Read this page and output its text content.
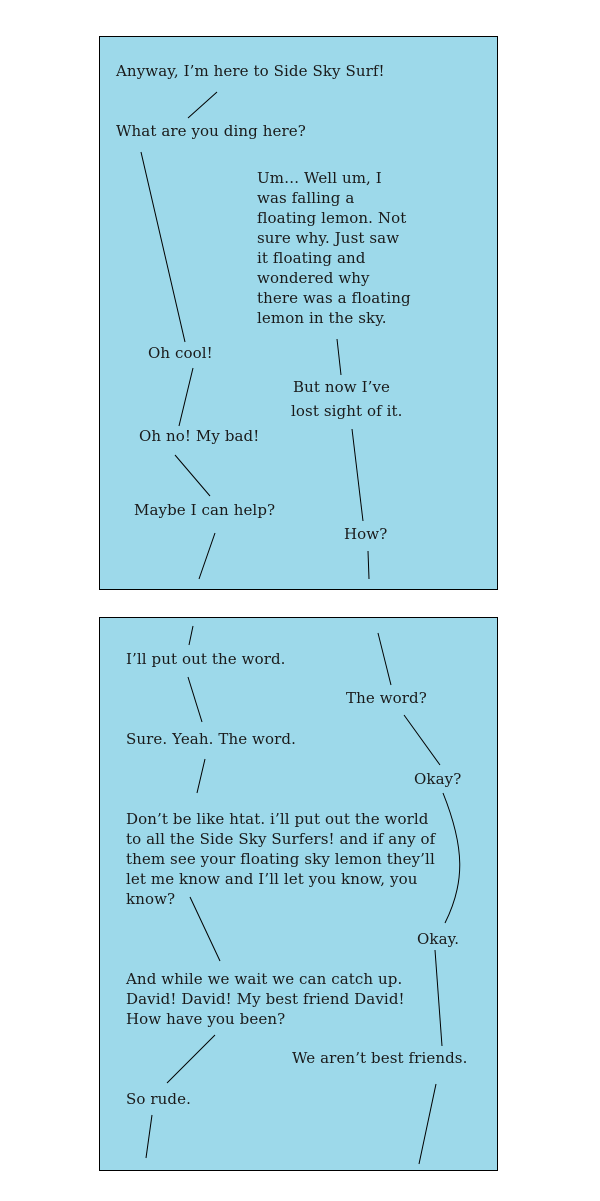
Anyway, I’m here to Side Sky Surf!

What are you ding here?

Um… Well um, I
was falling a
floating lemon. Not
sure why. Just saw
it floating and
wondered why
there was a floating
lemon in the sky.

Oh cool!

But now I’ve

lost sight of it.

Oh no! My bad!

Maybe I can help?

How?

I’ll put out the word.

The word?

Sure. Yeah. The word.

Okay?

Don’t be like htat. i’ll put out the world
to all the Side Sky Surfers! and if any of
them see your floating sky lemon they’ll
let me know and I’ll let you know, you
know?

Okay.

And while we wait we can catch up.
David! David! My best friend David!
How have you been?

We aren’t best friends.

So rude.
